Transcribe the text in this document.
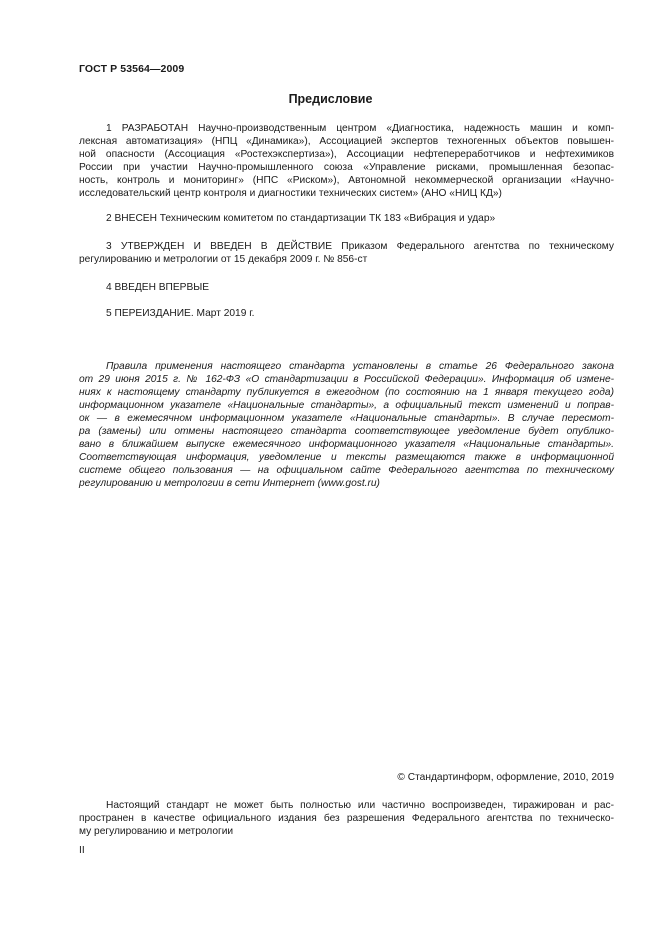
ГОСТ Р 53564—2009
Предисловие
1 РАЗРАБОТАН Научно-производственным центром «Диагностика, надежность машин и комп-
лексная автоматизация» (НПЦ «Динамика»), Ассоциацией экспертов техногенных объектов повышен-
ной опасности (Ассоциация «Ростехэкспертиза»), Ассоциации нефтепереработчиков и нефтехимиков
России при участии Научно-промышленного союза «Управление рисками, промышленная безопас-
ность, контроль и мониторинг» (НПС «Риском»), Автономной некоммерческой организации «Научно-
исследовательский центр контроля и диагностики технических систем» (АНО «НИЦ КД»)
2 ВНЕСЕН Техническим комитетом по стандартизации ТК 183 «Вибрация и удар»
3 УТВЕРЖДЕН И ВВЕДЕН В ДЕЙСТВИЕ Приказом Федерального агентства по техническому
регулированию и метрологии от 15 декабря 2009 г. № 856-ст
4 ВВЕДЕН ВПЕРВЫЕ
5 ПЕРЕИЗДАНИЕ. Март 2019 г.
Правила применения настоящего стандарта установлены в статье 26 Федерального закона
от 29 июня 2015 г. № 162-ФЗ «О стандартизации в Российской Федерации». Информация об измене-
ниях к настоящему стандарту публикуется в ежегодном (по состоянию на 1 января текущего года)
информационном указателе «Национальные стандарты», а официальный текст изменений и поправ-
ок — в ежемесячном информационном указателе «Национальные стандарты». В случае пересмот-
ра (замены) или отмены настоящего стандарта соответствующее уведомление будет опублико-
вано в ближайшем выпуске ежемесячного информационного указателя «Национальные стандарты».
Соответствующая информация, уведомление и тексты размещаются также в информационной
системе общего пользования — на официальном сайте Федерального агентства по техническому
регулированию и метрологии в сети Интернет (www.gost.ru)
© Стандартинформ, оформление, 2010, 2019
Настоящий стандарт не может быть полностью или частично воспроизведен, тиражирован и рас-
пространен в качестве официального издания без разрешения Федерального агентства по техническо-
му регулированию и метрологии
II
